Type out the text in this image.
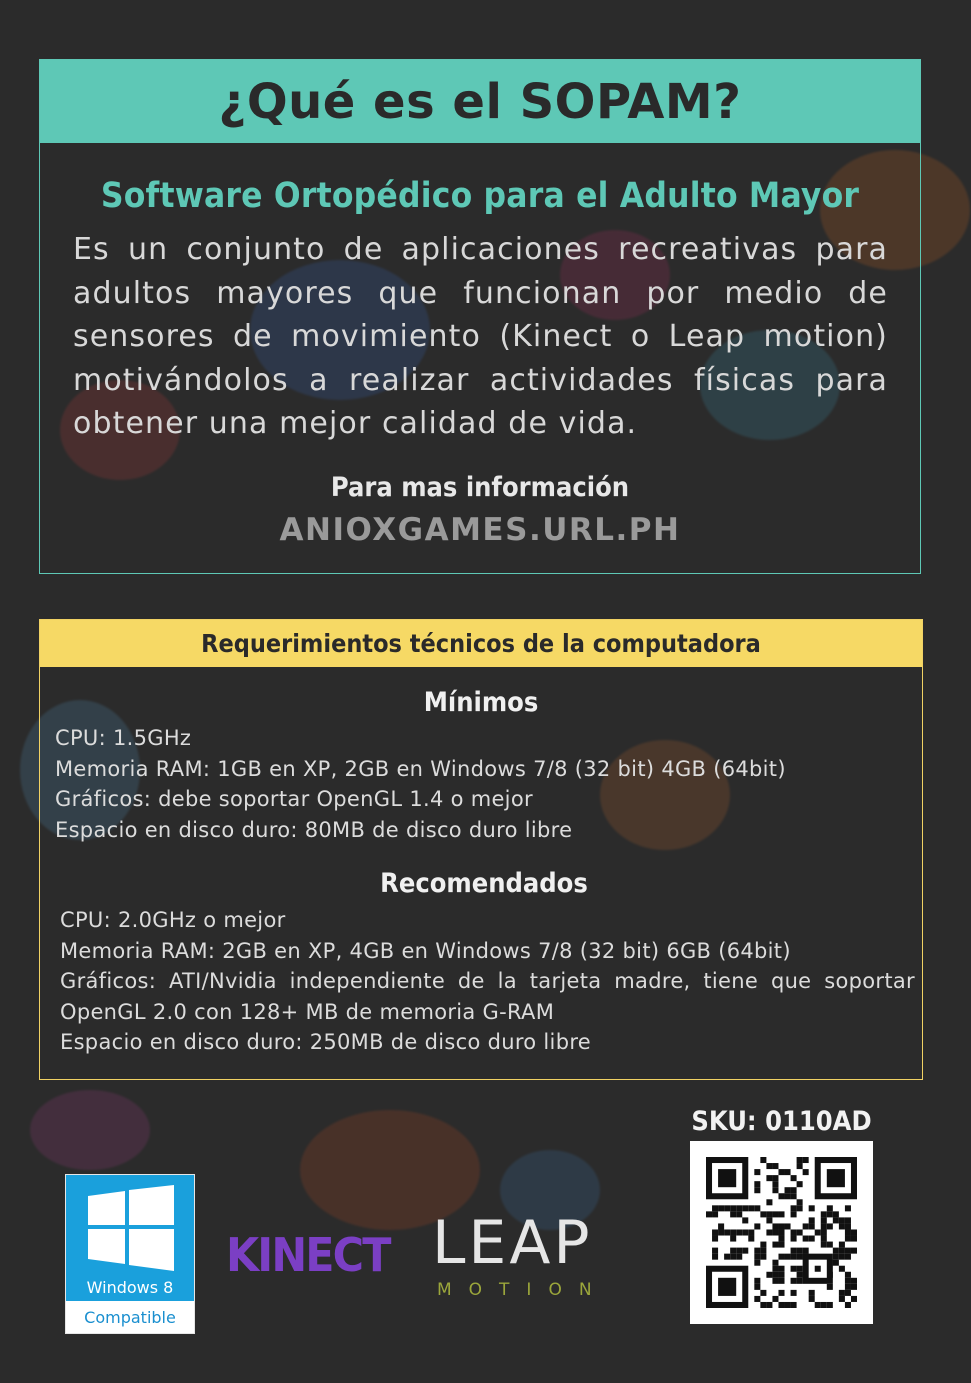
¿Qué es el SOPAM?
Software Ortopédico para el Adulto Mayor

Es un conjunto de aplicaciones recreativas para adultos mayores que funcionan por medio de sensores de movimiento (Kinect o Leap motion) motivándolos a realizar actividades físicas para obtener una mejor calidad de vida.

Para mas información
ANIOXGAMES.URL.PH
Requerimientos técnicos de la computadora
Mínimos
CPU: 1.5GHz
Memoria RAM: 1GB en XP, 2GB en Windows 7/8 (32 bit) 4GB (64bit)
Gráficos: debe soportar OpenGL 1.4 o mejor
Espacio en disco duro: 80MB de disco duro libre
Recomendados
CPU: 2.0GHz o mejor
Memoria RAM: 2GB en XP, 4GB en Windows 7/8 (32 bit) 6GB (64bit)
Gráficos: ATI/Nvidia independiente de la tarjeta madre, tiene que soportar
OpenGL 2.0 con 128+ MB de memoria G-RAM
Espacio en disco duro: 250MB de disco duro libre
Windows 8
Compatible
KINECT LEAP
MOTION
SKU: 0110AD
